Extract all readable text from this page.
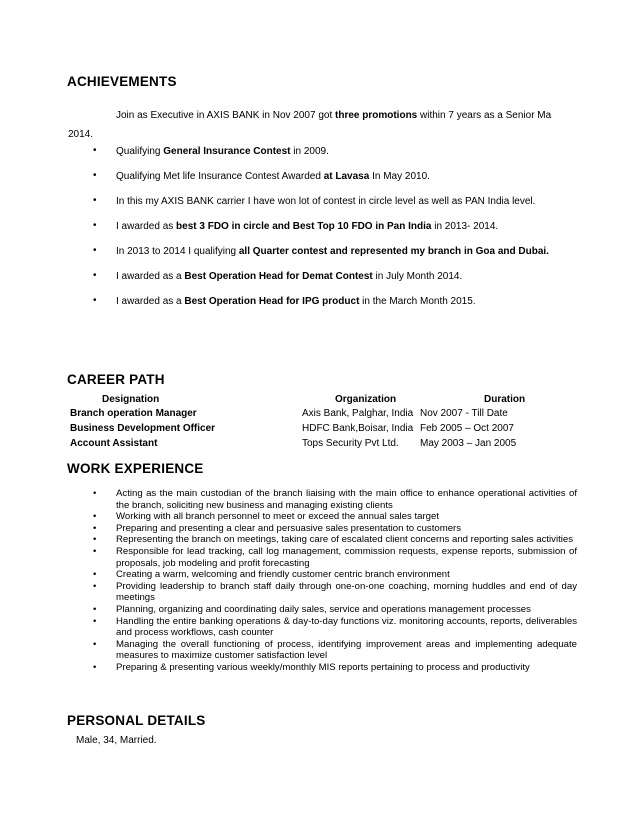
ACHIEVEMENTS
Join as Executive in AXIS BANK in Nov 2007 got three promotions within 7 years as a Senior Ma
2014.
• Qualifying General Insurance Contest in 2009.
• Qualifying Met life Insurance Contest Awarded at Lavasa In May 2010.
• In this my AXIS BANK carrier I have won lot of contest in circle level as well as PAN India level.
• I awarded as best 3 FDO in circle and Best Top 10 FDO in Pan India in 2013- 2014.
• In 2013 to 2014 I qualifying all Quarter contest and represented my branch in Goa and Dubai.
• I awarded as a Best Operation Head for Demat Contest in July Month 2014.
• I awarded as a Best Operation Head for IPG product in the March Month 2015.
CAREER PATH
Designation	Organization	Duration
Branch operation Manager	Axis Bank, Palghar, India Nov 2007 - Till Date
Business Development Officer	HDFC Bank,Boisar, India Feb 2005 – Oct 2007
Account Assistant	Tops Security Pvt Ltd. May 2003 – Jan 2005
WORK EXPERIENCE
• Acting as the main custodian of the branch liaising with the main office to enhance operational activities of the branch, soliciting new business and managing existing clients
• Working with all branch personnel to meet or exceed the annual sales target
• Preparing and presenting a clear and persuasive sales presentation to customers
• Representing the branch on meetings, taking care of escalated client concerns and reporting sales activities
• Responsible for lead tracking, call log management, commission requests, expense reports, submission of proposals, job modeling and profit forecasting
• Creating a warm, welcoming and friendly customer centric branch environment
• Providing leadership to branch staff daily through one-on-one coaching, morning huddles and end of day meetings
• Planning, organizing and coordinating daily sales, service and operations management processes
• Handling the entire banking operations & day-to-day functions viz. monitoring accounts, reports, deliverables and process workflows, cash counter
• Managing the overall functioning of process, identifying improvement areas and implementing adequate measures to maximize customer satisfaction level
• Preparing & presenting various weekly/monthly MIS reports pertaining to process and productivity
PERSONAL DETAILS
Male, 34, Married.
